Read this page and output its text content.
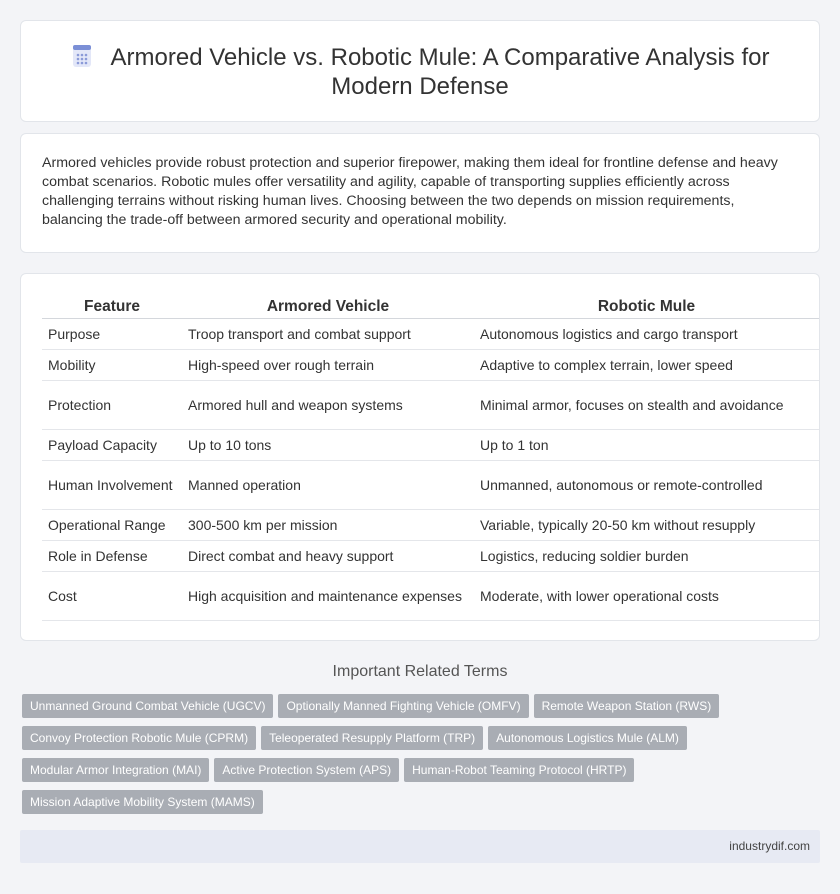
Armored Vehicle vs. Robotic Mule: A Comparative Analysis for
Modern Defense
Armored vehicles provide robust protection and superior firepower, making them ideal for frontline defense and heavy combat scenarios. Robotic mules offer versatility and agility, capable of transporting supplies efficiently across challenging terrains without risking human lives. Choosing between the two depends on mission requirements, balancing the trade-off between armored security and operational mobility.
Feature	Armored Vehicle	Robotic Mule
Purpose	Troop transport and combat support	Autonomous logistics and cargo transport
Mobility	High-speed over rough terrain	Adaptive to complex terrain, lower speed
Protection	Armored hull and weapon systems	Minimal armor, focuses on stealth and avoidance
Payload Capacity	Up to 10 tons	Up to 1 ton
Human Involvement	Manned operation	Unmanned, autonomous or remote-controlled
Operational Range	300-500 km per mission	Variable, typically 20-50 km without resupply
Role in Defense	Direct combat and heavy support	Logistics, reducing soldier burden
Cost	High acquisition and maintenance expenses	Moderate, with lower operational costs
Important Related Terms
Unmanned Ground Combat Vehicle (UGCV) Optionally Manned Fighting Vehicle (OMFV) Remote Weapon Station (RWS)
Convoy Protection Robotic Mule (CPRM) Teleoperated Resupply Platform (TRP) Autonomous Logistics Mule (ALM)
Modular Armor Integration (MAI) Active Protection System (APS) Human-Robot Teaming Protocol (HRTP)
Mission Adaptive Mobility System (MAMS)
industrydif.com
